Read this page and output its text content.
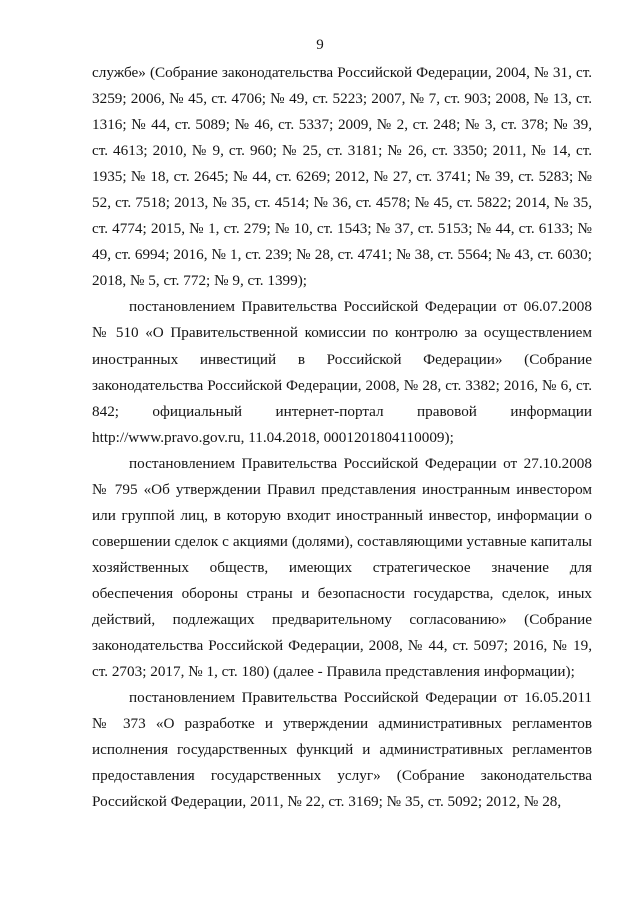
9

службе» (Собрание законодательства Российской Федерации, 2004, № 31, ст. 3259; 2006, № 45, ст. 4706; № 49, ст. 5223; 2007, № 7, ст. 903; 2008, № 13, ст. 1316; № 44, ст. 5089; № 46, ст. 5337; 2009, № 2, ст. 248; № 3, ст. 378; № 39, ст. 4613; 2010, № 9, ст. 960; № 25, ст. 3181; № 26, ст. 3350; 2011, № 14, ст. 1935; № 18, ст. 2645; № 44, ст. 6269; 2012, № 27, ст. 3741; № 39, ст. 5283; № 52, ст. 7518; 2013, № 35, ст. 4514; № 36, ст. 4578; № 45, ст. 5822; 2014, № 35, ст. 4774; 2015, № 1, ст. 279; № 10, ст. 1543; № 37, ст. 5153; № 44, ст. 6133; № 49, ст. 6994; 2016, № 1, ст. 239; № 28, ст. 4741; № 38, ст. 5564; № 43, ст. 6030; 2018, № 5, ст. 772; № 9, ст. 1399);

постановлением Правительства Российской Федерации от 06.07.2008 № 510 «О Правительственной комиссии по контролю за осуществлением иностранных инвестиций в Российской Федерации» (Собрание законодательства Российской Федерации, 2008, № 28, ст. 3382; 2016, № 6, ст. 842; официальный интернет-портал правовой информации http://www.pravo.gov.ru, 11.04.2018, 0001201804110009);

постановлением Правительства Российской Федерации от 27.10.2008 № 795 «Об утверждении Правил представления иностранным инвестором или группой лиц, в которую входит иностранный инвестор, информации о совершении сделок с акциями (долями), составляющими уставные капиталы хозяйственных обществ, имеющих стратегическое значение для обеспечения обороны страны и безопасности государства, сделок, иных действий, подлежащих предварительному согласованию» (Собрание законодательства Российской Федерации, 2008, № 44, ст. 5097; 2016, № 19, ст. 2703; 2017, № 1, ст. 180) (далее - Правила представления информации);

постановлением Правительства Российской Федерации от 16.05.2011 № 373 «О разработке и утверждении административных регламентов исполнения государственных функций и административных регламентов предоставления государственных услуг» (Собрание законодательства Российской Федерации, 2011, № 22, ст. 3169; № 35, ст. 5092; 2012, № 28,
